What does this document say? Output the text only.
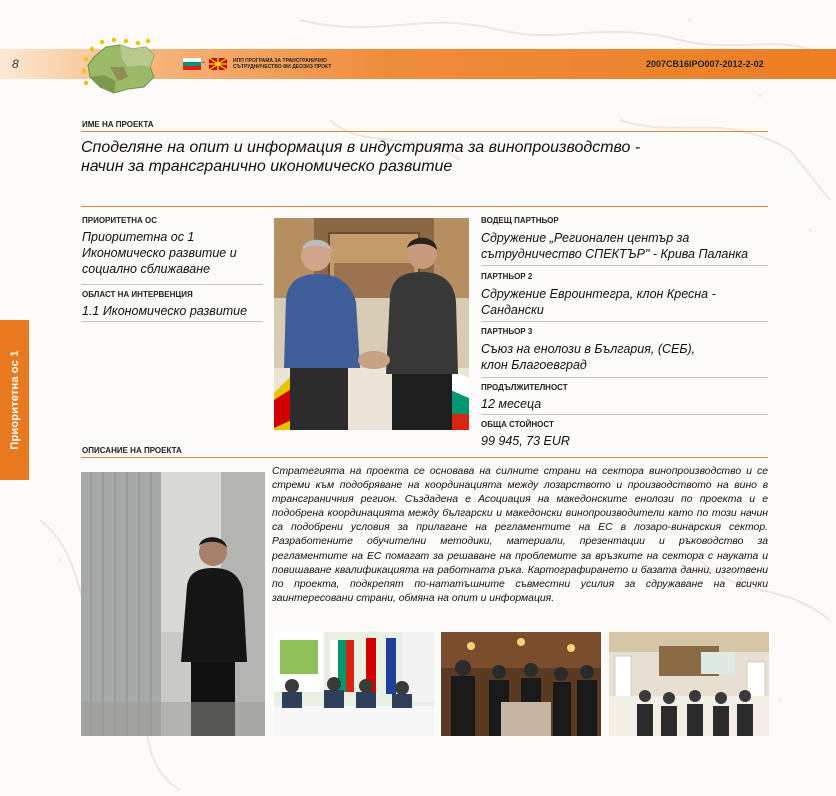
8	-	ИПП ПРОГРАМА ЗА ТРАНСГРАНИЧНО
СЪТРУДНИЧЕСТВО ФИ ДЕОЗИЗ ПРОКТ	2007CB16IPO007-2012-2-02
Приоритетна ос 1
ИМЕ НА ПРОЕКТА
Споделяне на опит и информация в индустрията за винопроизводство -
начин за трансгранично икономическо развитие
ПРИОРИТЕТНА ОС
Приоритетна ос 1
Икономическо развитие и
социално сближаване
ОБЛАСТ НА ИНТЕРВЕНЦИЯ
1.1 Икономическо развитие
ВОДЕЩ ПАРТНЬОР
Сдружение „Регионален център за
сътрудничество СПЕКТЪР" - Крива Паланка
ПАРТНЬОР 2
Сдружение Евроинтегра, клон Кресна -
Сандански
ПАРТНЬОР 3
Съюз на енолози в България, (СЕБ),
клон Благоевград
ПРОДЪЛЖИТЕЛНОСТ
12 месеца
ОБЩА СТОЙНОСТ
99 945, 73 EUR
ОПИСАНИЕ НА ПРОЕКТА
Стратегията на проекта се основава на силните страни на сектора винопроизводство и се стреми към подобряване на координацията между лозарството и производството на вино в трансграничния регион. Създадена е Асоциация на македонските енолози по проекта и е подобрена координацията между български и македонски винопроизводители като по този начин са подобрени условия за прилагане на регламентите на ЕС в лозаро-винарския сектор. Разработените обучителни методики, материали, презентации и ръководство за регламентите на ЕС помагат за решаване на проблемите за връзките на сектора с науката и повишаване квалификацията на работната ръка. Картографирането и базата данни, изготвени по проекта, подкрепят по-нататъшните съвместни усилия за сдружаване на всички заинтересовани страни, обмяна на опит и информация.
